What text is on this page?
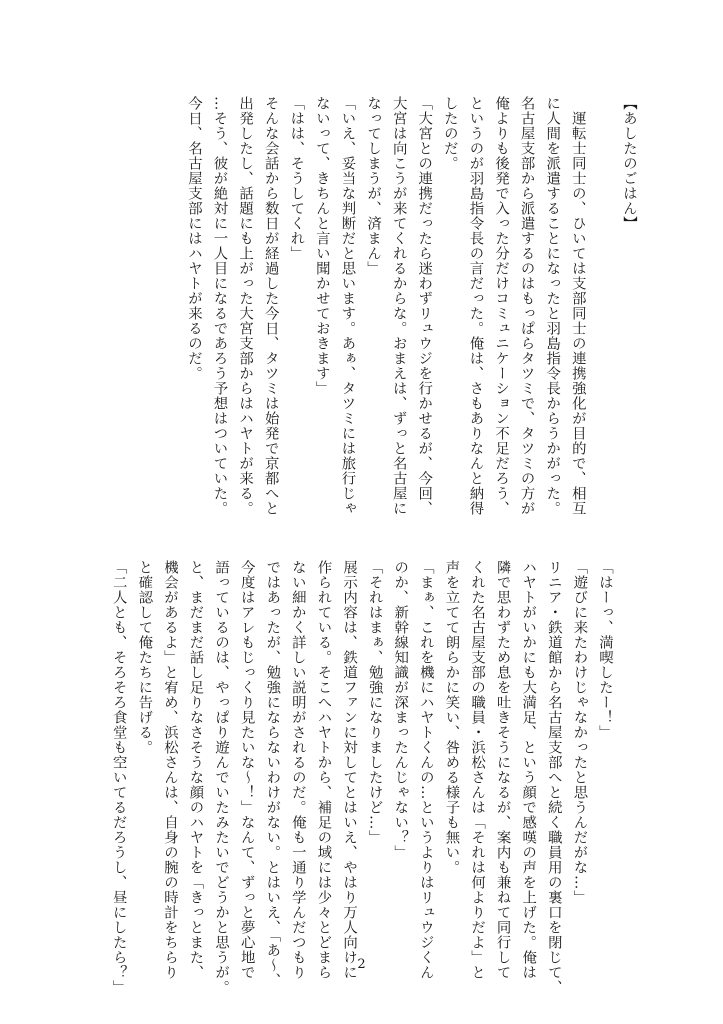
【あしたのごはん】

　運転士同士の、ひいては支部同士の連携強化が目的で、相互

に人間を派遣することになったと羽島指令長からうかがった。

名古屋支部から派遣するのはもっぱらタツミで、タツミの方が

俺よりも後発で入った分だけコミュニケーション不足だろう、

というのが羽島指令長の言だった。俺は、さもありなんと納得

したのだ。

「大宮との連携だったら迷わずリュウジを行かせるが、今回、

大宮は向こうが来てくれるからな。おまえは、ずっと名古屋に

なってしまうが、済まん」

「いえ、妥当な判断だと思います。あぁ、タツミには旅行じゃ

ないって、きちんと言い聞かせておきます」

「はは、そうしてくれ」

そんな会話から数日が経過した今日、タツミは始発で京都へと

出発したし、話題にも上がった大宮支部からはハヤトが来る。

…そう、彼が絶対に一人目になるであろう予想はついていた。

今日、名古屋支部にはハヤトが来るのだ。

「はーっ、満喫したー！」

「遊びに来たわけじゃなかったと思うんだがな…」

リニア・鉄道館から名古屋支部へと続く職員用の裏口を閉じて、

ハヤトがいかにも大満足、という顔で感嘆の声を上げた。俺は

隣で思わずため息を吐きそうになるが、案内も兼ねて同行して

くれた名古屋支部の職員・浜松さんは「それは何よりだよ」と

声を立てて朗らかに笑い、咎める様子も無い。

「まぁ、これを機にハヤトくんの…というよりはリュウジくん

のか、新幹線知識が深まったんじゃない？」

「それはまぁ、勉強になりましたけど…」

展示内容は、鉄道ファンに対してとはいえ、やはり万人向けに

作られている。そこへハヤトから、補足の域には少々とどまら

ない細かく詳しい説明がされるのだ。俺も一通り学んだつもり

ではあったが、勉強にならないわけがない。とはいえ、「あ〜、

今度はアレもじっくり見たいな〜！」なんて、ずっと夢心地で

語っているのは、やっぱり遊んでいたみたいでどうかと思うが。

と、まだまだ話し足りなさそうな顔のハヤトを「きっとまた、

機会があるよ」と宥め、浜松さんは、自身の腕の時計をちらり

と確認して俺たちに告げる。

「二人とも、そろそろ食堂も空いてるだろうし、昼にしたら？」	2
